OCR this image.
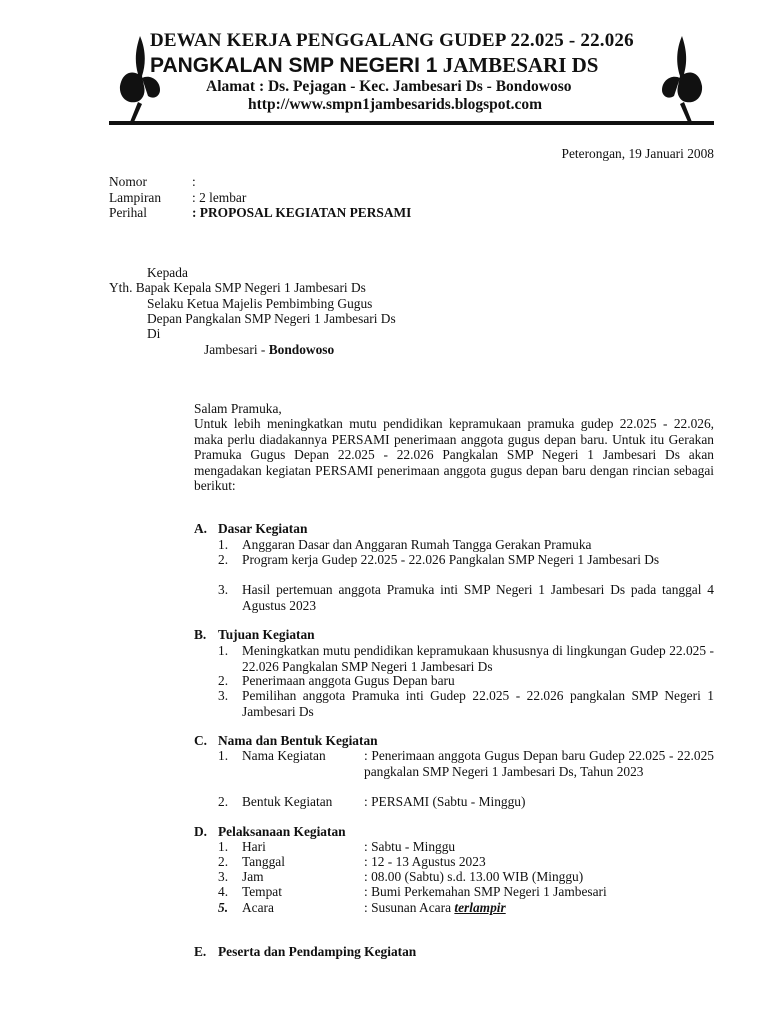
DEWAN KERJA PENGGALANG GUDEP 22.025 - 22.026
PANGKALAN SMP NEGERI 1 JAMBESARI DS
Alamat : Ds. Pejagan - Kec. Jambesari Ds - Bondowoso
http://www.smpn1jambesarids.blogspot.com
Peterongan, 19 Januari 2008
Nomor	:
Lampiran : 2 lembar
Perihal	: PROPOSAL KEGIATAN PERSAMI
Kepada
Yth. Bapak Kepala SMP Negeri 1 Jambesari Ds
Selaku Ketua Majelis Pembimbing Gugus
Depan Pangkalan SMP Negeri 1 Jambesari Ds
Di
Jambesari - Bondowoso
Salam Pramuka,
Untuk lebih meningkatkan mutu pendidikan kepramukaan pramuka gudep 22.025 - 22.026, maka perlu diadakannya PERSAMI penerimaan anggota gugus depan baru. Untuk itu Gerakan Pramuka Gugus Depan 22.025 - 22.026 Pangkalan SMP Negeri 1 Jambesari Ds akan mengadakan kegiatan PERSAMI penerimaan anggota gugus depan baru dengan rincian sebagai berikut:
A. Dasar Kegiatan
1.	Anggaran Dasar dan Anggaran Rumah Tangga Gerakan Pramuka
2.	Program kerja Gudep 22.025 - 22.026 Pangkalan SMP Negeri 1 Jambesari Ds
3.	Hasil pertemuan anggota Pramuka inti SMP Negeri 1 Jambesari Ds pada tanggal 4 Agustus 2023
B. Tujuan Kegiatan
1.	Meningkatkan mutu pendidikan kepramukaan khususnya di lingkungan Gudep 22.025 - 22.026 Pangkalan SMP Negeri 1 Jambesari Ds
2.	Penerimaan anggota Gugus Depan baru
3.	Pemilihan anggota Pramuka inti Gudep 22.025 - 22.026 pangkalan SMP Negeri 1 Jambesari Ds
C. Nama dan Bentuk Kegiatan
1.	Nama Kegiatan	: Penerimaan anggota Gugus Depan baru Gudep 22.025 - 22.025 pangkalan SMP Negeri 1 Jambesari Ds, Tahun 2023
2.	Bentuk Kegiatan : PERSAMI (Sabtu - Minggu)
D. Pelaksanaan Kegiatan
1.	Hari	: Sabtu - Minggu
2.	Tanggal	: 12 - 13 Agustus 2023
3.	Jam	: 08.00 (Sabtu) s.d. 13.00 WIB (Minggu)
4.	Tempat	: Bumi Perkemahan SMP Negeri 1 Jambesari
5.	Acara	: Susunan Acara terlampir
E. Peserta dan Pendamping Kegiatan
